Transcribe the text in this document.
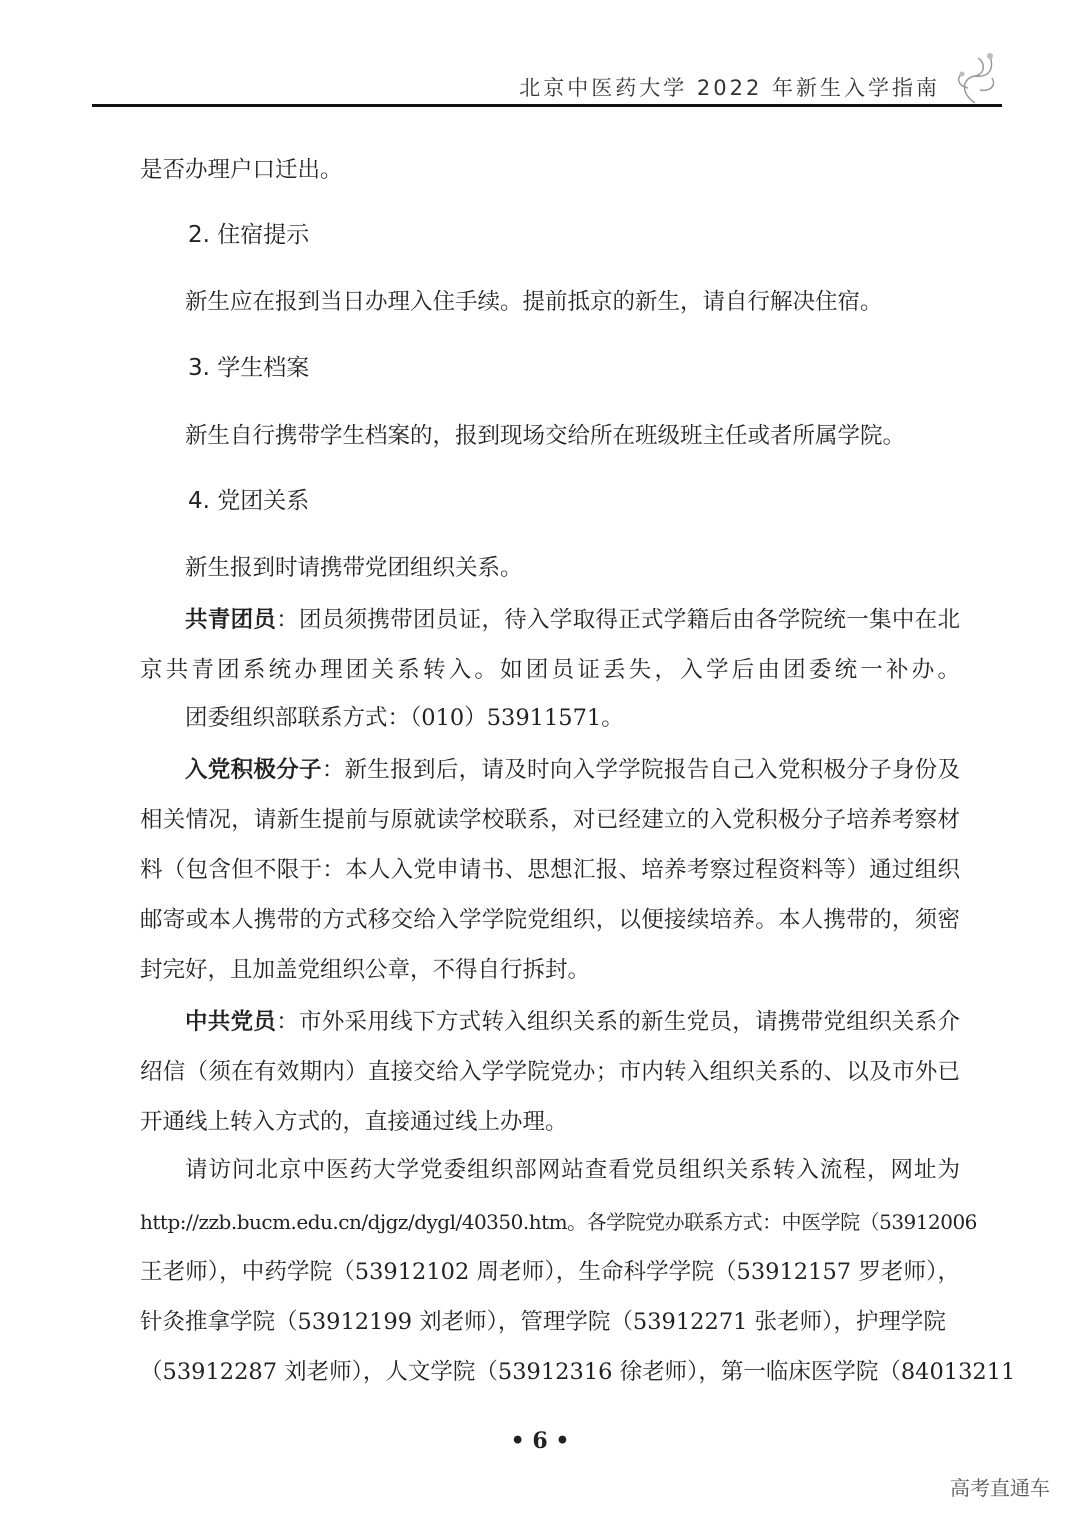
北京中医药大学 2022 年新生入学指南
是否办理户口迁出。
2. 住宿提示
新生应在报到当日办理入住手续。提前抵京的新生，请自行解决住宿。
3. 学生档案
新生自行携带学生档案的，报到现场交给所在班级班主任或者所属学院。
4. 党团关系
新生报到时请携带党团组织关系。
共青团员：团员须携带团员证，待入学取得正式学籍后由各学院统一集中在北
京共青团系统办理团关系转入。如团员证丢失，入学后由团委统一补办。
团委组织部联系方式：（010）53911571。
入党积极分子：新生报到后，请及时向入学学院报告自己入党积极分子身份及
相关情况，请新生提前与原就读学校联系，对已经建立的入党积极分子培养考察材
料（包含但不限于：本人入党申请书、思想汇报、培养考察过程资料等）通过组织
邮寄或本人携带的方式移交给入学学院党组织，以便接续培养。本人携带的，须密
封完好，且加盖党组织公章，不得自行拆封。
中共党员：市外采用线下方式转入组织关系的新生党员，请携带党组织关系介
绍信（须在有效期内）直接交给入学学院党办；市内转入组织关系的、以及市外已
开通线上转入方式的，直接通过线上办理。
请访问北京中医药大学党委组织部网站查看党员组织关系转入流程，网址为
http://zzb.bucm.edu.cn/djgz/dygl/40350.htm。各学院党办联系方式：中医学院（53912006
王老师），中药学院（53912102 周老师），生命科学学院（53912157 罗老师），
针灸推拿学院（53912199 刘老师），管理学院（53912271 张老师），护理学院
（53912287 刘老师），人文学院（53912316 徐老师），第一临床医学院（84013211
• 6 •
高考直通车
